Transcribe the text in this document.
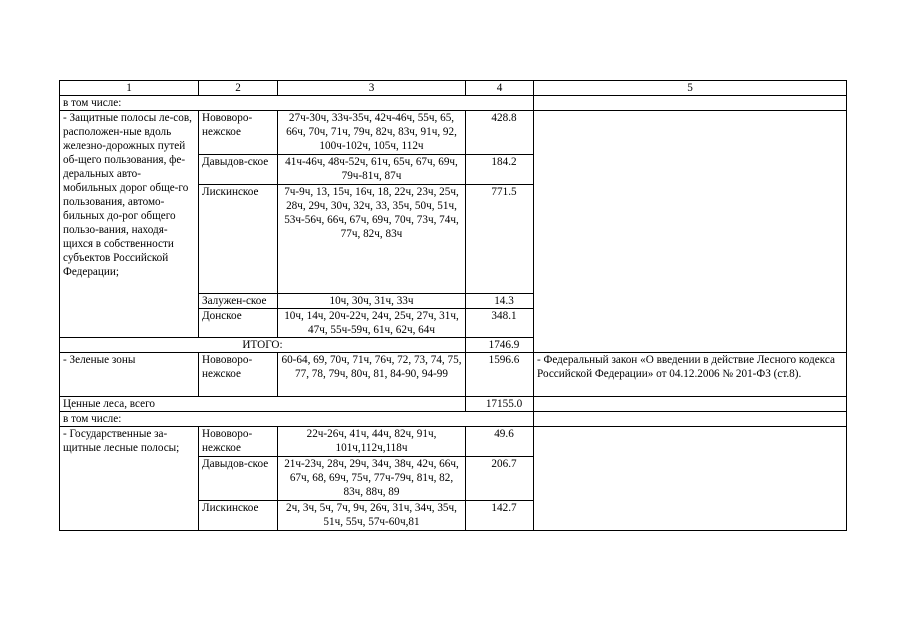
1	2	3	4	5
в том числе:				
- Защитные полосы ле-сов, расположен-ные вдоль железно-дорожных путей об-щего пользования, фе-деральных авто-мобильных дорог обще-го пользования, автомо-бильных до-рог общего пользо-вания, находя-щихся в собственности субъектов Российской Федерации;	Нововоро-нежское	27ч-30ч, 33ч-35ч, 42ч-46ч, 55ч, 65, 66ч, 70ч, 71ч, 79ч, 82ч, 83ч, 91ч, 92, 100ч-102ч, 105ч, 112ч	428.8	
	Давыдов-ское	41ч-46ч, 48ч-52ч, 61ч, 65ч, 67ч, 69ч, 79ч-81ч, 87ч	184.2	
	Лискинское	7ч-9ч, 13, 15ч, 16ч, 18, 22ч, 23ч, 25ч, 28ч, 29ч, 30ч, 32ч, 33, 35ч, 50ч, 51ч, 53ч-56ч, 66ч, 67ч, 69ч, 70ч, 73ч, 74ч, 77ч, 82ч, 83ч	771.5	
	Залужен-ское	10ч, 30ч, 31ч, 33ч	14.3	
	Донское	10ч, 14ч, 20ч-22ч, 24ч, 25ч, 27ч, 31ч, 47ч, 55ч-59ч, 61ч, 62ч, 64ч	348.1	
ИТОГО:			1746.9	
- Зеленые зоны	Нововоро-нежское	60-64, 69, 70ч, 71ч, 76ч, 72, 73, 74, 75, 77, 78, 79ч, 80ч, 81, 84-90, 94-99	1596.6	- Федеральный закон «О введении в действие Лесного кодекса Российской Федерации» от 04.12.2006 № 201-ФЗ (ст.8).
Ценные леса, всего			17155.0	
в том числе:				
- Государственные за-щитные лесные полосы;	Нововоро-нежское	22ч-26ч, 41ч, 44ч, 82ч, 91ч, 101ч,112ч,118ч	49.6	
	Давыдов-ское	21ч-23ч, 28ч, 29ч, 34ч, 38ч, 42ч, 66ч, 67ч, 68, 69ч, 75ч, 77ч-79ч, 81ч, 82, 83ч, 88ч, 89	206.7	
	Лискинское	2ч, 3ч, 5ч, 7ч, 9ч, 26ч, 31ч, 34ч, 35ч, 51ч, 55ч, 57ч-60ч,81	142.7	
